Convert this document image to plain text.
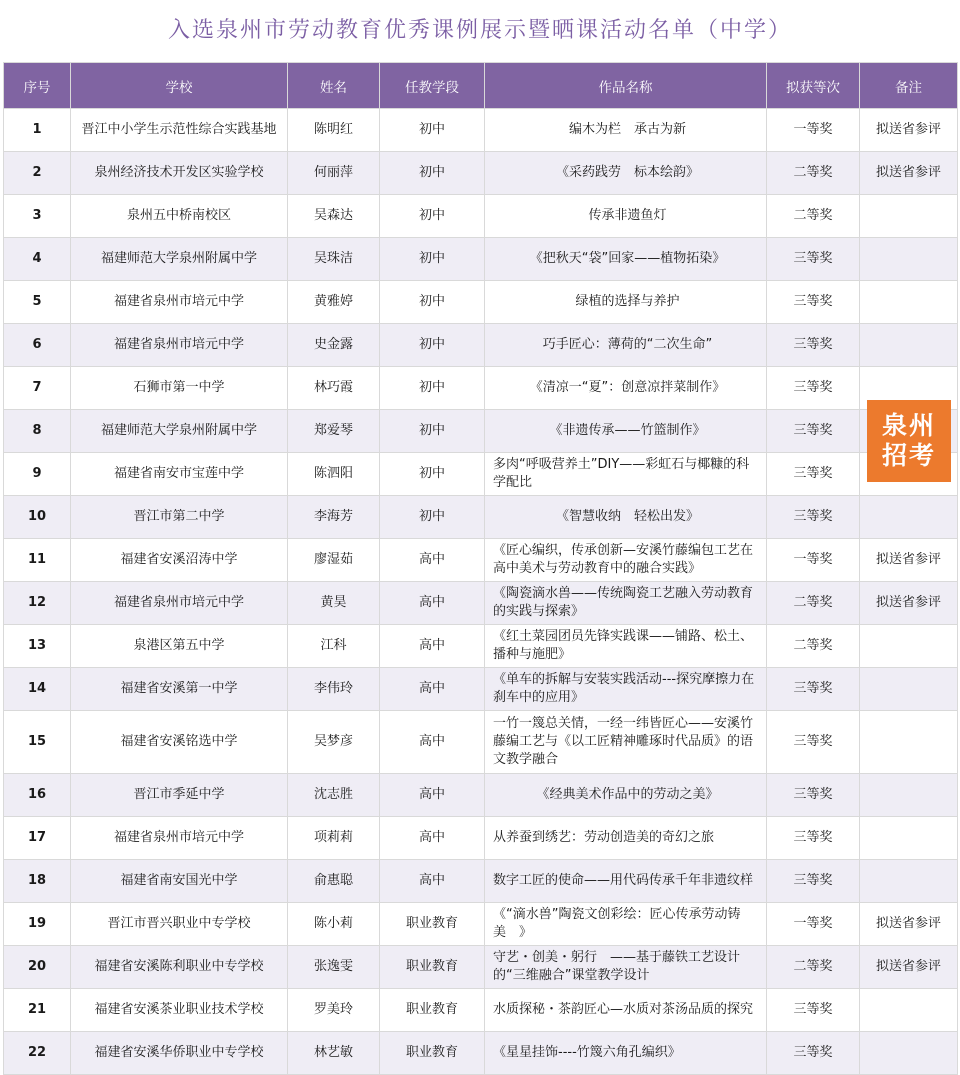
入选泉州市劳动教育优秀课例展示暨晒课活动名单（中学）
序号	学校	姓名	任教学段	作品名称	拟获等次	备注
1	晋江中小学生示范性综合实践基地	陈明红	初中	编木为栏　承古为新	一等奖	拟送省参评
2	泉州经济技术开发区实验学校	何丽萍	初中	《采药践劳　标本绘韵》	二等奖	拟送省参评
3	泉州五中桥南校区	吴森达	初中	传承非遗鱼灯	二等奖	
4	福建师范大学泉州附属中学	吴珠洁	初中	《把秋天“袋”回家——植物拓染》	三等奖	
5	福建省泉州市培元中学	黄雅婷	初中	绿植的选择与养护	三等奖	
6	福建省泉州市培元中学	史金露	初中	巧手匠心：薄荷的“二次生命”	三等奖	
7	石狮市第一中学	林巧霞	初中	《清凉一“夏”：创意凉拌菜制作》	三等奖	
8	福建师范大学泉州附属中学	郑爱琴	初中	《非遗传承——竹篮制作》	三等奖	
9	福建省南安市宝莲中学	陈泗阳	初中	多肉“呼吸营养土”DIY——彩虹石与椰糠的科学配比	三等奖	
10	晋江市第二中学	李海芳	初中	《智慧收纳　轻松出发》	三等奖	
11	福建省安溪沼涛中学	廖湿茹	高中	《匠心编织，传承创新—安溪竹藤编包工艺在高中美术与劳动教育中的融合实践》	一等奖	拟送省参评
12	福建省泉州市培元中学	黄昊	高中	《陶瓷滴水兽——传统陶瓷工艺融入劳动教育的实践与探索》	二等奖	拟送省参评
13	泉港区第五中学	江科	高中	《红土菜园团员先锋实践课——铺路、松土、播种与施肥》	二等奖	
14	福建省安溪第一中学	李伟玲	高中	《单车的拆解与安装实践活动---探究摩擦力在刹车中的应用》	三等奖	
15	福建省安溪铭选中学	吴梦彦	高中	一竹一篾总关情，一经一纬皆匠心——安溪竹藤编工艺与《以工匠精神雕琢时代品质》的语文教学融合	三等奖	
16	晋江市季延中学	沈志胜	高中	《经典美术作品中的劳动之美》	三等奖	
17	福建省泉州市培元中学	项莉莉	高中	从养蚕到绣艺：劳动创造美的奇幻之旅	三等奖	
18	福建省南安国光中学	俞惠聪	高中	数字工匠的使命——用代码传承千年非遗纹样	三等奖	
19	晋江市晋兴职业中专学校	陈小莉	职业教育	《“滴水兽”陶瓷文创彩绘：匠心传承劳动铸美　》	一等奖	拟送省参评
20	福建省安溪陈利职业中专学校	张逸雯	职业教育	守艺・创美・躬行　——基于藤铁工艺设计的“三维融合”课堂教学设计	二等奖	拟送省参评
21	福建省安溪茶业职业技术学校	罗美玲	职业教育	水质探秘・茶韵匠心—水质对茶汤品质的探究	三等奖	
22	福建省安溪华侨职业中专学校	林艺敏	职业教育	《星星挂饰----竹篾六角孔编织》	三等奖	
泉州
招考
